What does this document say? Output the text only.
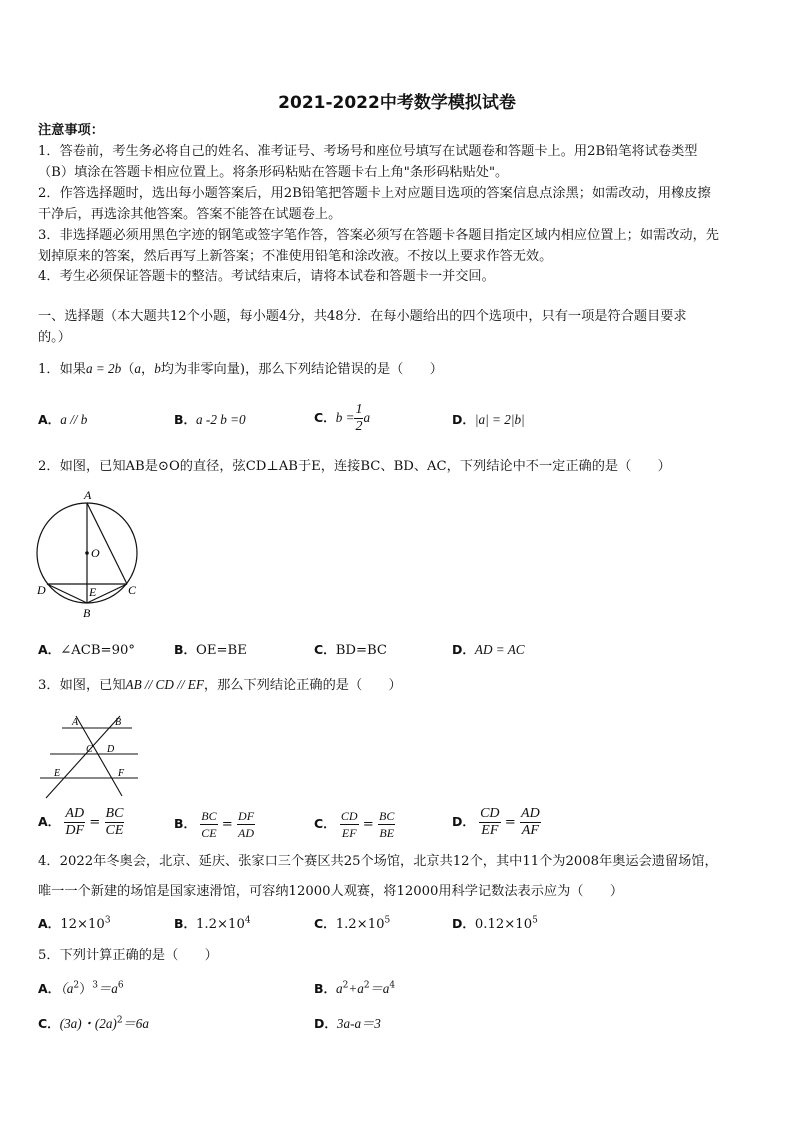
2021-2022中考数学模拟试卷
注意事项：
1．答卷前，考生务必将自己的姓名、准考证号、考场号和座位号填写在试题卷和答题卡上。用2B铅笔将试卷类型
（B）填涂在答题卡相应位置上。将条形码粘贴在答题卡右上角"条形码粘贴处"。
2．作答选择题时，选出每小题答案后，用2B铅笔把答题卡上对应题目选项的答案信息点涂黑；如需改动，用橡皮擦
干净后，再选涂其他答案。答案不能答在试题卷上。
3．非选择题必须用黑色字迹的钢笔或签字笔作答，答案必须写在答题卡各题目指定区域内相应位置上；如需改动，先
划掉原来的答案，然后再写上新答案；不准使用铅笔和涂改液。不按以上要求作答无效。
4．考生必须保证答题卡的整洁。考试结束后，请将本试卷和答题卡一并交回。
一、选择题（本大题共12个小题，每小题4分，共48分．在每小题给出的四个选项中，只有一项是符合题目要求
的。）
1．如果a = 2b（a，b均为非零向量)，那么下列结论错误的是（　　）
A．a // b	B．a -2 b =0	C．$b = \frac{1}{2}$ a	D．|a| = 2|b|
2．如图，已知AB是⊙O的直径，弦CD⊥AB于E，连接BC、BD、AC，下列结论中不一定正确的是（　　）
A
O
D	E	C
B
A．∠ACB=90°	B．OE=BE	C．BD=BC	D．AD = AC
3．如图，已知AB // CD // EF，那么下列结论正确的是（　　）
A	B
C D
E	F
A． $\frac{AD}{DF} = \frac{BC}{CE}$	B． $\frac{BC}{CE} = \frac{DF}{AD}$	C． $\frac{CD}{EF} = \frac{BC}{BE}$	D． $\frac{CD}{EF} = \frac{AD}{AF}$
4．2022年冬奥会，北京、延庆、张家口三个赛区共25个场馆，北京共12个，其中11个为2008年奥运会遗留场馆，
唯一一个新建的场馆是国家速滑馆，可容纳12000人观赛，将12000用科学记数法表示应为（　　）
A．$12\times 10^3$	B．$1.2\times 10^4$	C．$1.2\times 10^5$	D．$0.12\times 10^5$
5．下列计算正确的是（　　）
A．$(a^2)^3=a^6$	B．$a^2+a^2=a^4$
C．(3a)・$(2a)^2=6a$	D．3a-a＝3
